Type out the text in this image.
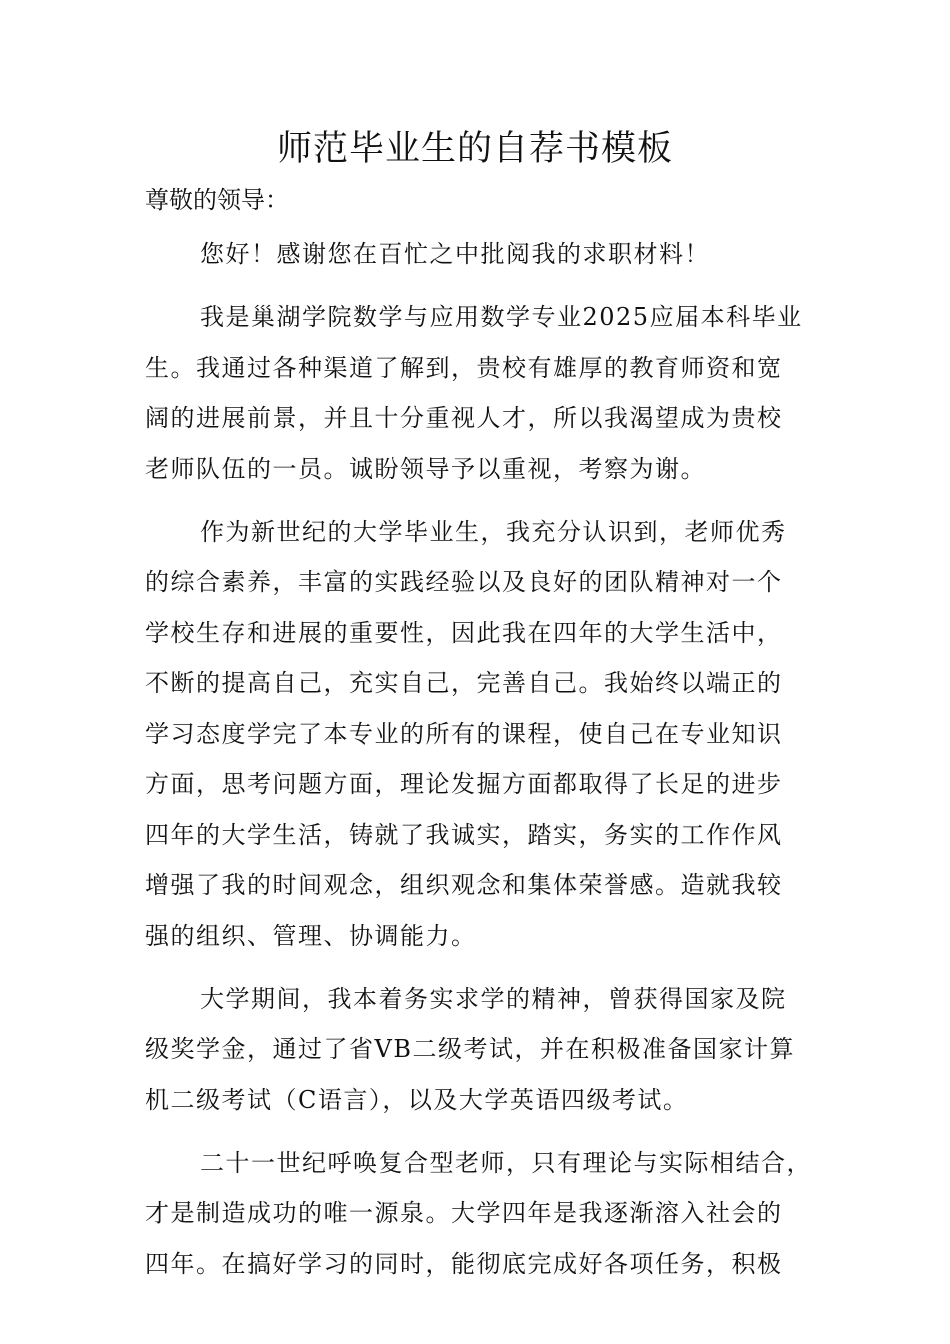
师范毕业生的自荐书模板

尊敬的领导：

您好！感谢您在百忙之中批阅我的求职材料！

我是巢湖学院数学与应用数学专业2025应届本科毕业
生。我通过各种渠道了解到，贵校有雄厚的教育师资和宽
阔的进展前景，并且十分重视人才，所以我渴望成为贵校
老师队伍的一员。诚盼领导予以重视，考察为谢。

作为新世纪的大学毕业生，我充分认识到，老师优秀
的综合素养，丰富的实践经验以及良好的团队精神对一个
学校生存和进展的重要性，因此我在四年的大学生活中，
不断的提高自己，充实自己，完善自己。我始终以端正的
学习态度学完了本专业的所有的课程，使自己在专业知识
方面，思考问题方面，理论发掘方面都取得了长足的进步
四年的大学生活，铸就了我诚实，踏实，务实的工作作风
增强了我的时间观念，组织观念和集体荣誉感。造就我较
强的组织、管理、协调能力。

大学期间，我本着务实求学的精神，曾获得国家及院
级奖学金，通过了省VB二级考试，并在积极准备国家计算
机二级考试（C语言），以及大学英语四级考试。

二十一世纪呼唤复合型老师，只有理论与实际相结合，
才是制造成功的唯一源泉。大学四年是我逐渐溶入社会的
四年。在搞好学习的同时，能彻底完成好各项任务，积极
